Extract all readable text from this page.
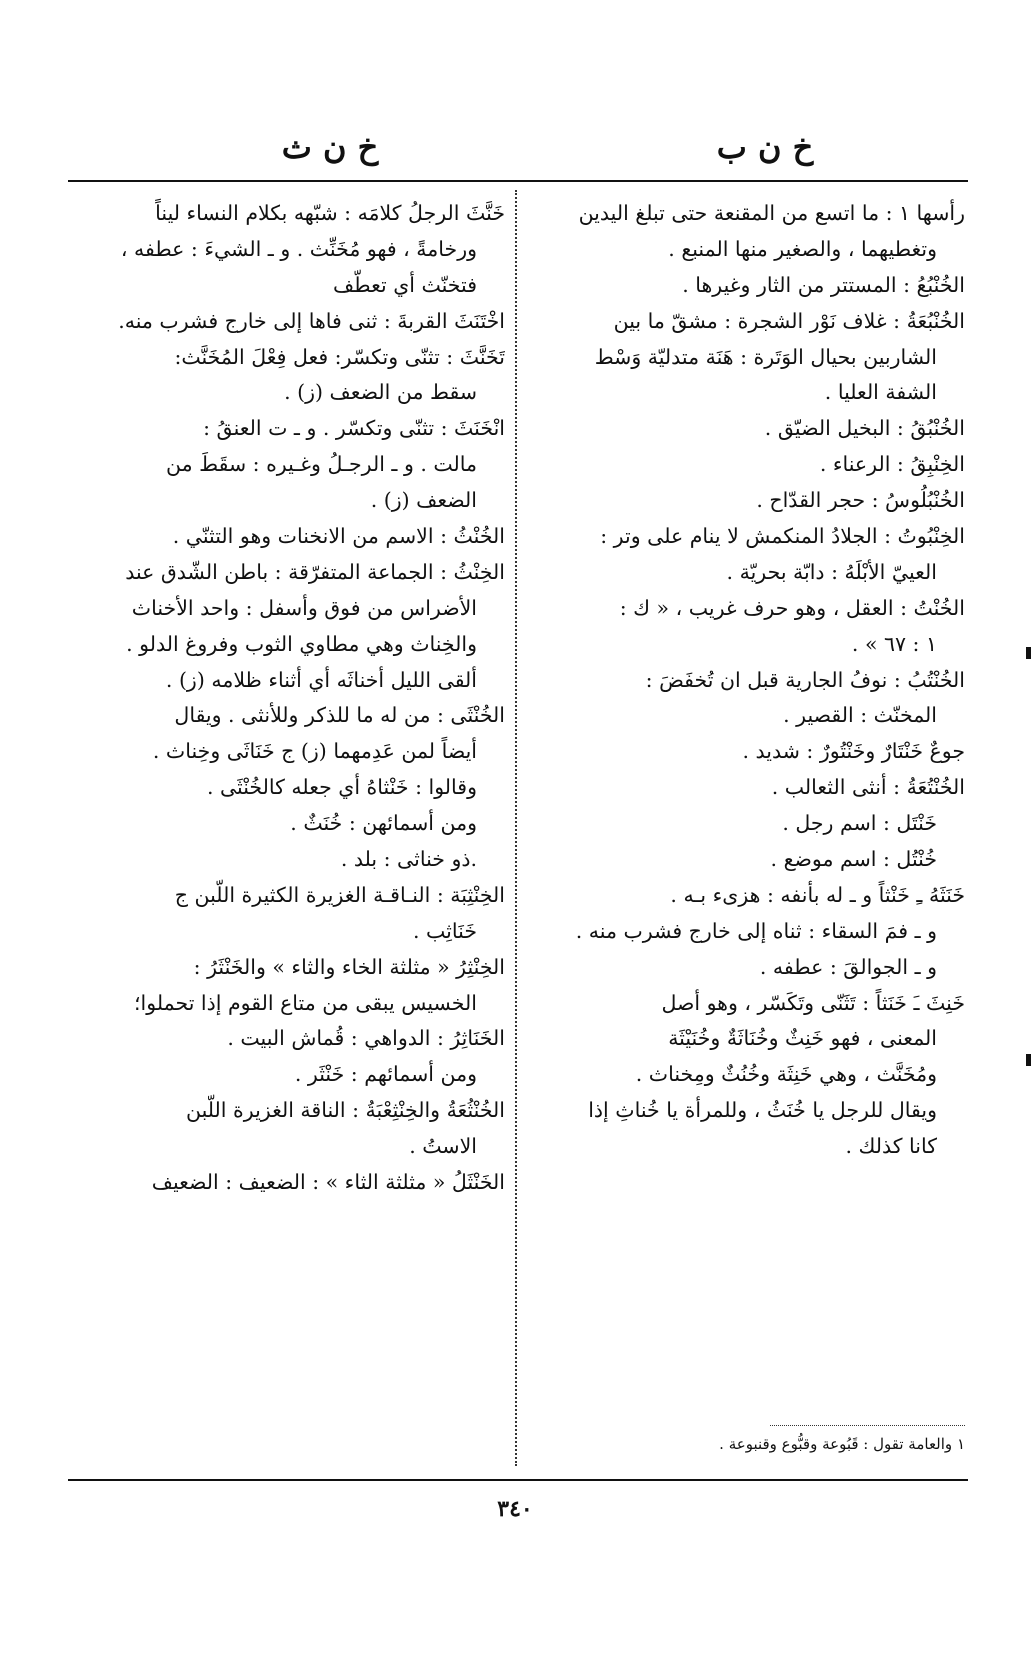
خ ن ب
خ ن ث
رأسها ١ : ما اتسع من المقنعة حتى تبلغ اليدين
وتغطيهما ، والصغير منها المنبع .
الخُنْبُعُ : المستتر من الثار وغيرها .
الخُنْبُعَةُ : غلاف نَوْر الشجرة : مشقّ ما بين
الشاربين بحيال الوَتَرة : هَنَة متدليّة وَسْط
الشفة العليا .
الخُنْبُقُ : البخيل الضيّق .
الخِنْبِقُ : الرعناء .
الخُنْبُلُوسُ : حجر القدّاح .
الخِنْبُوتُ : الجلادُ المنكمش لا ينام على وتر :
العييّ الأبْلَهُ : دابّة بحريّة .
الخُنْتُ : العقل ، وهو حرف غريب ، « ك :
١ : ٦٧ » .
الخُنْتُبُ : نوفُ الجارية قبل ان تُخفَضَ :
المخنّث : القصير .
جوعٌ خَنْتَارٌ وخَنْتُورٌ : شديد .
الخُنْتُعَةُ : أنثى الثعالب .
خَنْتَل : اسم رجل .
خُنْتُل : اسم موضع .
خَنَثَهُ ـِ خَنْثاً و ـ له بأنفه : هزىء بـه .
و ـ فمَ السقاء : ثناه إلى خارج فشرب منه .
و ـ الجوالقَ : عطفه .
خَنِثَ ـَ خَنَثاً : تَثَنّى وتَكَسّر ، وهو أصل
المعنى ، فهو خَنِثٌ وخُنَاثَةٌ وخُنَيْثَة
ومُخَنَّث ، وهي خَنِثَة وخُنُثٌ ومِخناث .
ويقال للرجل يا خُنَثُ ، وللمرأة يا خُناثِ إذا
كانا كذلك .
خَنَّثَ الرجلُ كلامَه : شبّهه بكلام النساء ليناً
ورخامةً ، فهو مُخَنِّث . و ـ الشيءَ : عطفه ،
فتخنّث أي تعطّف
اخْتَنَثَ القربةَ : ثنى فاها إلى خارج فشرب منه.
تَخَنَّثَ : تثنّى وتكسّر: فعل فِعْلَ المُخَنَّث:
سقط من الضعف (ز) .
انْخَنَثَ : تثنّى وتكسّر . و ـ ت العنقُ :
مالت . و ـ الرجـلُ وغـيره : سقَطَ من
الضعف (ز) .
الخُنْثُ : الاسم من الانخنات وهو التثنّي .
الخِنْثُ : الجماعة المتفرّقة : باطن الشّدق عند
الأضراس من فوق وأسفل : واحد الأخناث
والخِناث وهي مطاوي الثوب وفروغ الدلو .
ألقى الليل أخناثَه أي أثناء ظلامه (ز) .
الخُنْثَى : من له ما للذكر وللأنثى . ويقال
أيضاً لمن عَدِمهما (ز) ج خَنَاثَى وخِناث .
وقالوا : خَنْثاهُ أي جعله كالخُنْثَى .
ومن أسمائهن : خُنَثٌ .
.ذو خناثى : بلد .
الخِنْثِبَة : النـاقـة الغزيرة الكثيرة اللّبن ج
خَنَاثِب .
الخِنْثِرُ « مثلثة الخاء والثاء » والخَنْثَرُ :
الخسيس يبقى من متاع القوم إذا تحملوا؛
الخَنَاثِرُ : الدواهي : قُماش البيت .
ومن أسمائهم : خَنْثَر .
الخُنْثُعَةُ والخِنْثِعْبَةُ : الناقة الغزيرة اللّبن
الاستُ .
الخَنْثَلُ « مثلثة الثاء » : الضعيف : الضعيف

١ والعامة تقول : قَبُوعة وقبُّوع وقنبوعة .

٣٤٠
